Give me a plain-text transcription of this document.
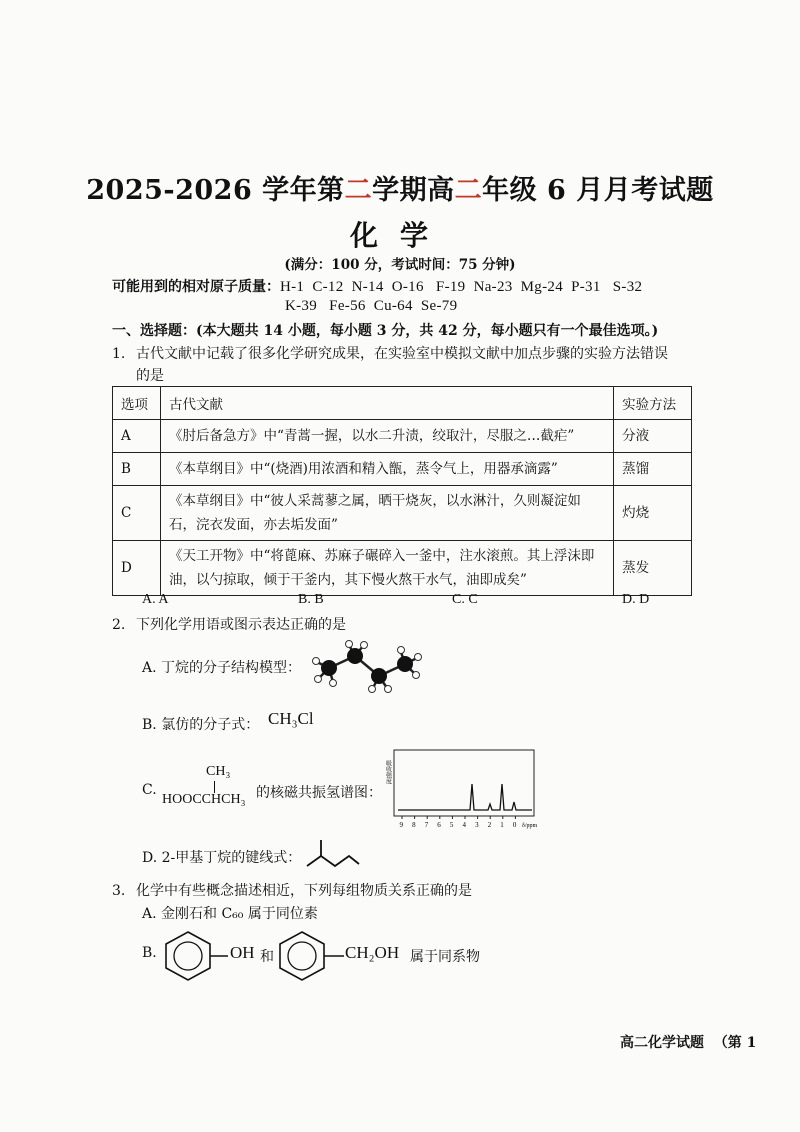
2025-2026 学年第二学期高二年级 6 月月考试题
化学
(满分：100 分，考试时间：75 分钟)
可能用到的相对原子质量：H-1  C-12  N-14  O-16   F-19  Na-23  Mg-24  P-31   S-32
K-39   Fe-56  Cu-64  Se-79
一、选择题：(本大题共 14 小题，每小题 3 分，共 42 分，每小题只有一个最佳选项。)
1. 古代文献中记载了很多化学研究成果，在实验室中模拟文献中加点步骤的实验方法错误
的是
选项	古代文献	实验方法
A	《肘后备急方》中“青蒿一握，以水二升渍，绞取汁，尽服之…截疟”	分液
B	《本草纲目》中“(烧酒)用浓酒和精入甑，蒸令气上，用器承滴露”	蒸馏
C	《本草纲目》中“彼人采蒿蓼之属，晒干烧灰，以水淋汁，久则凝淀如石，浣衣发面，亦去垢发面”	灼烧
D	《天工开物》中“将蓖麻、苏麻子碾碎入一釜中，注水滚煎。其上浮沫即油，以勺掠取，倾于干釜内，其下慢火熬干水气，油即成矣”	蒸发
A. A	B. B	C. C	D. D
2. 下列化学用语或图示表达正确的是
A. 丁烷的分子结构模型：
B. 氯仿的分子式： CH₃Cl
C.
CH₃
HOOCCHCH₃ 的核磁共振氢谱图：
吸收强度
9 8 7 6 5 4 3 2 1 0 δ/ppm
D. 2-甲基丁烷的键线式：
3. 化学中有些概念描述相近，下列每组物质关系正确的是
A. 金刚石和 C₆₀ 属于同位素
B.	OH 和	CH₂OH 属于同系物
高二化学试题  （第 1
